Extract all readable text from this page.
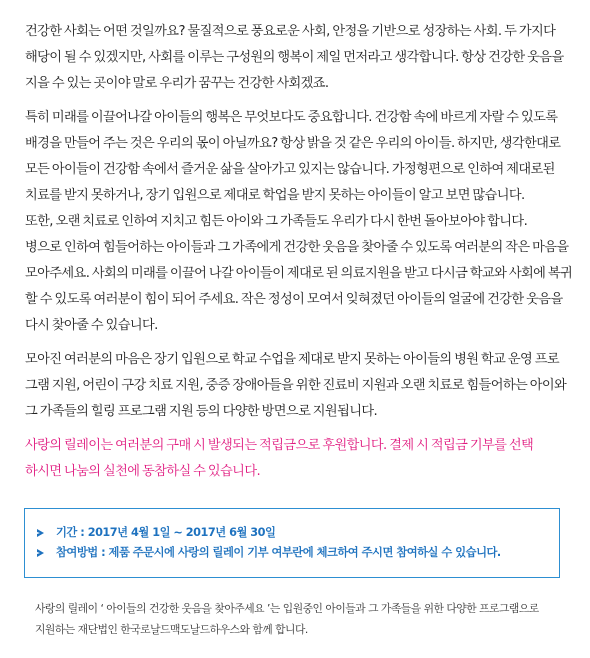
건강한 사회는 어떤 것일까요? 물질적으로 풍요로운 사회, 안정을 기반으로 성장하는 사회. 두 가지다
해당이 될 수 있겠지만, 사회를 이루는 구성원의 행복이 제일 먼저라고 생각합니다. 항상 건강한 웃음을
지을 수 있는 곳이야 말로 우리가 꿈꾸는 건강한 사회겠죠.

특히 미래를 이끌어나갈 아이들의 행복은 무엇보다도 중요합니다. 건강함 속에 바르게 자랄 수 있도록
배경을 만들어 주는 것은 우리의 몫이 아닐까요? 항상 밝을 것 같은 우리의 아이들. 하지만, 생각한대로
모든 아이들이 건강함 속에서 즐거운 삶을 살아가고 있지는 않습니다. 가정형편으로 인하여 제대로된
치료를 받지 못하거나, 장기 입원으로 제대로 학업을 받지 못하는 아이들이 알고 보면 많습니다.
또한, 오랜 치료로 인하여 지치고 힘든 아이와 그 가족들도 우리가 다시 한번 돌아보아야 합니다.
병으로 인하여 힘들어하는 아이들과 그 가족에게 건강한 웃음을 찾아줄 수 있도록 여러분의 작은 마음을
모아주세요. 사회의 미래를 이끌어 나갈 아이들이 제대로 된 의료지원을 받고 다시금 학교와 사회에 복귀
할 수 있도록 여러분이 힘이 되어 주세요. 작은 정성이 모여서 잊혀졌던 아이들의 얼굴에 건강한 웃음을
다시 찾아줄 수 있습니다.

모아진 여러분의 마음은 장기 입원으로 학교 수업을 제대로 받지 못하는 아이들의 병원 학교 운영 프로
그램 지원, 어린이 구강 치료 지원, 중증 장애아들을 위한 진료비 지원과 오랜 치료로 힘들어하는 아이와
그 가족들의 힐링 프로그램 지원 등의 다양한 방면으로 지원됩니다.

사랑의 릴레이는 여러분의 구매 시 발생되는 적립금으로 후원합니다. 결제 시 적립금 기부를 선택
하시면 나눔의 실천에 동참하실 수 있습니다.

기간 : 2017년 4월 1일 ~ 2017년 6월 30일
참여방법 : 제품 주문시에 사랑의 릴레이 기부 여부란에 체크하여 주시면 참여하실 수 있습니다.
사랑의 릴레이 ‘ 아이들의 건강한 웃음을 찾아주세요 ’는 입원중인 아이들과 그 가족들을 위한 다양한 프로그램으로
지원하는 재단법인 한국로날드맥도날드하우스와 함께 합니다.
